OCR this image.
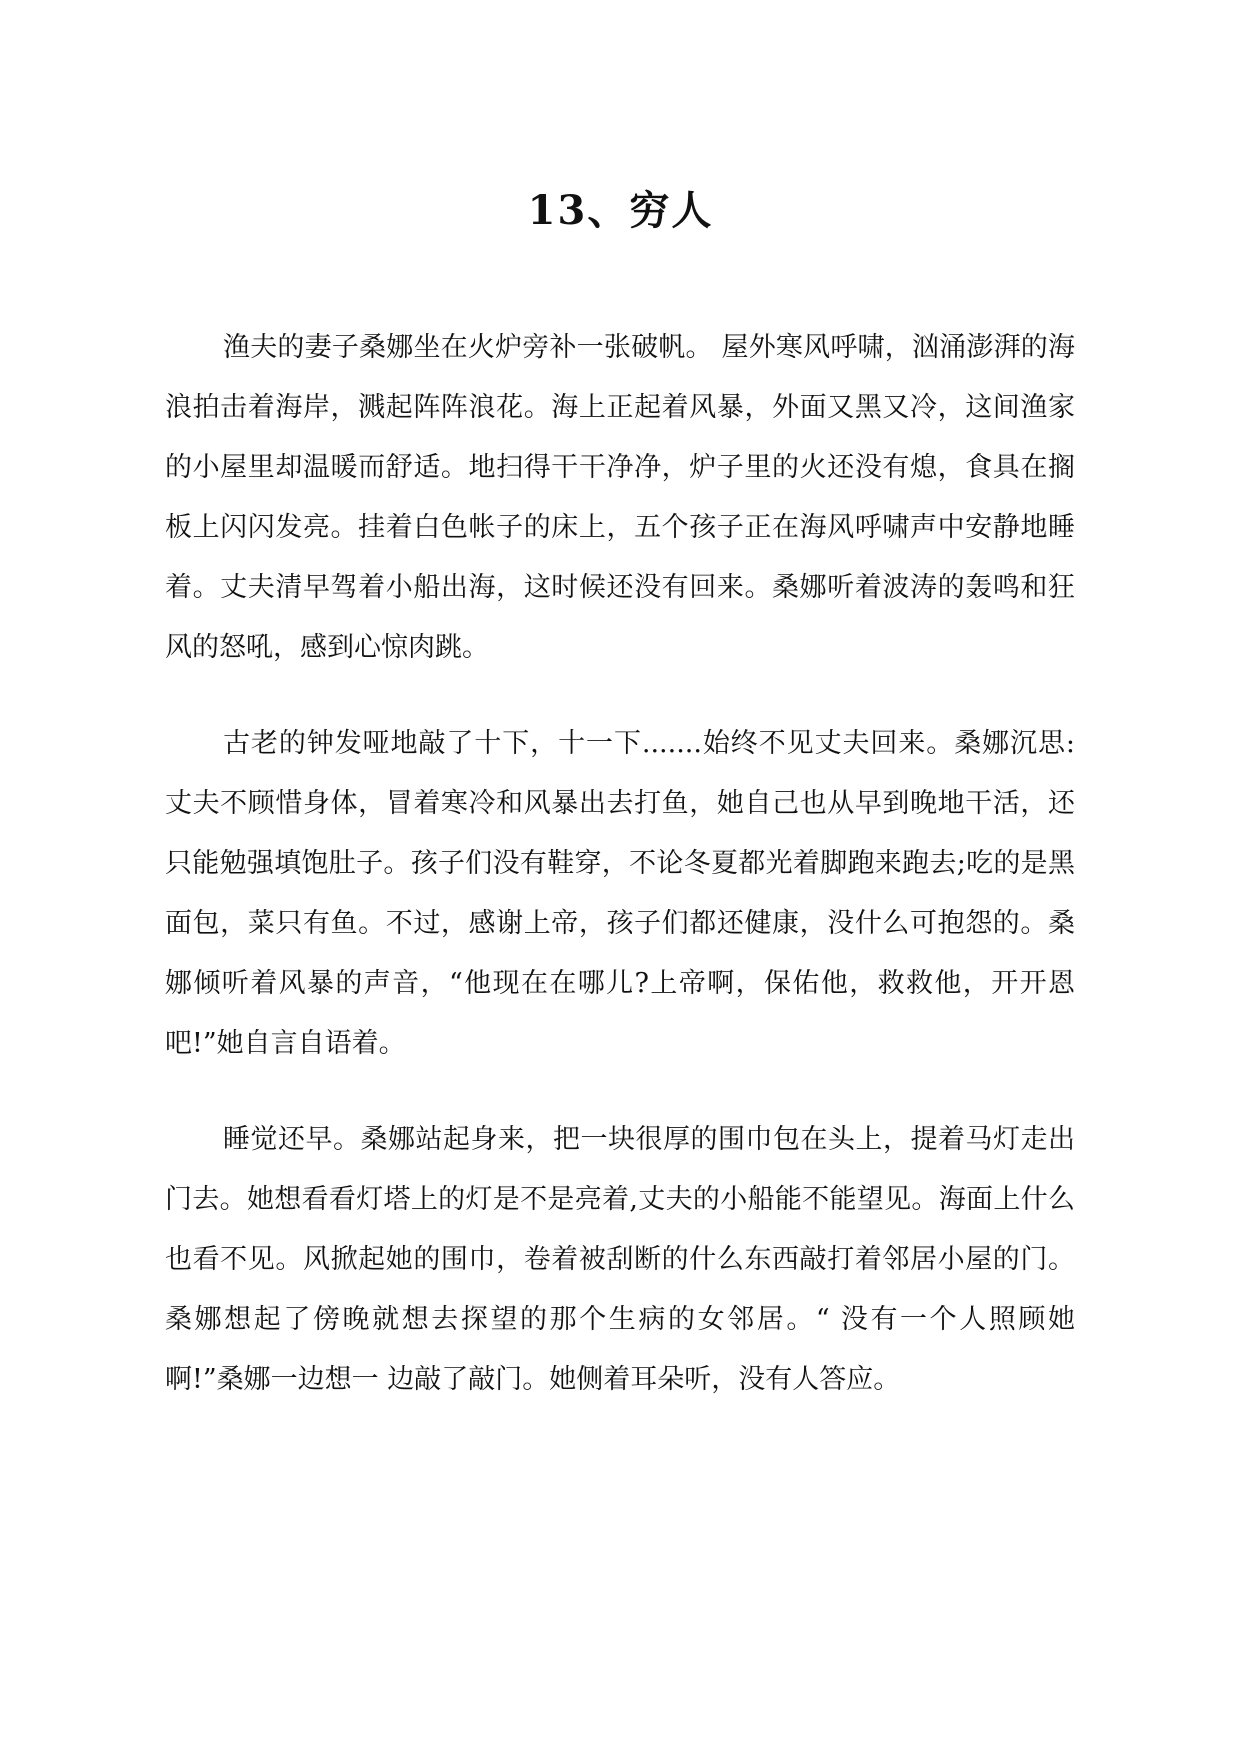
13、穷人

渔夫的妻子桑娜坐在火炉旁补一张破帆。 屋外寒风呼啸，汹涌澎湃的海浪拍击着海岸，溅起阵阵浪花。海上正起着风暴，外面又黑又冷，这间渔家的小屋里却温暖而舒适。地扫得干干净净，炉子里的火还没有熄，食具在搁板上闪闪发亮。挂着白色帐子的床上，五个孩子正在海风呼啸声中安静地睡着。丈夫清早驾着小船出海，这时候还没有回来。桑娜听着波涛的轰鸣和狂风的怒吼，感到心惊肉跳。

古老的钟发哑地敲了十下，十一下.......始终不见丈夫回来。桑娜沉思:丈夫不顾惜身体，冒着寒冷和风暴出去打鱼，她自己也从早到晚地干活，还只能勉强填饱肚子。孩子们没有鞋穿，不论冬夏都光着脚跑来跑去;吃的是黑面包，菜只有鱼。不过，感谢上帝，孩子们都还健康，没什么可抱怨的。桑娜倾听着风暴的声音，“他现在在哪儿?上帝啊，保佑他，救救他，开开恩吧!”她自言自语着。

睡觉还早。桑娜站起身来，把一块很厚的围巾包在头上，提着马灯走出门去。她想看看灯塔上的灯是不是亮着,丈夫的小船能不能望见。海面上什么也看不见。风掀起她的围巾，卷着被刮断的什么东西敲打着邻居小屋的门。桑娜想起了傍晚就想去探望的那个生病的女邻居。“ 没有一个人照顾她啊!”桑娜一边想一 边敲了敲门。她侧着耳朵听，没有人答应。
